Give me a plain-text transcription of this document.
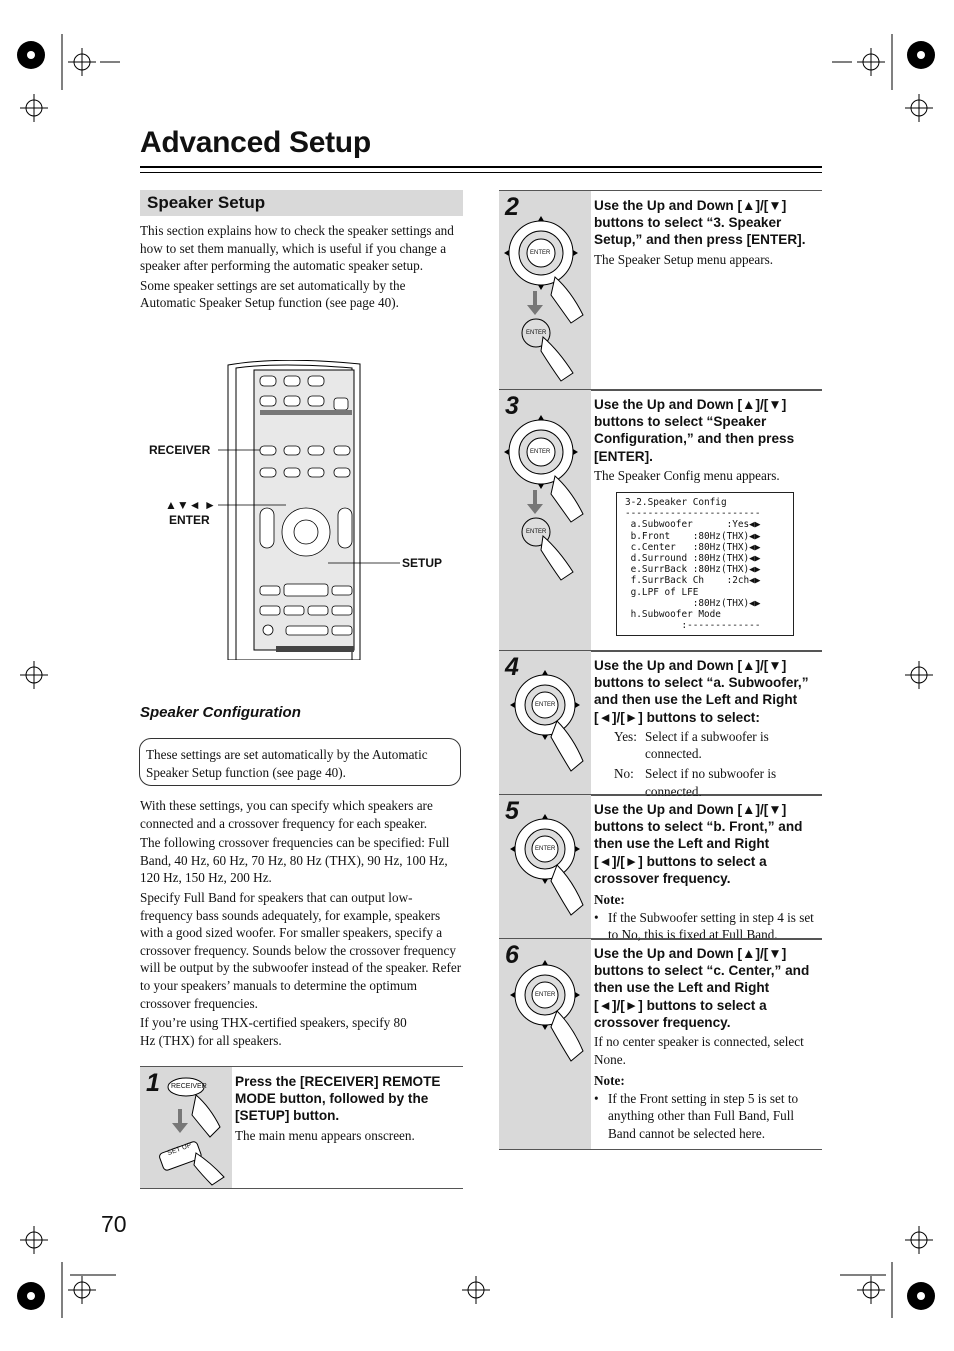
Advanced Setup
Speaker Setup

This section explains how to check the speaker settings and how to set them manually, which is useful if you change a speaker after performing the automatic speaker setup.

Some speaker settings are set automatically by the Automatic Speaker Setup function (see page 40).

RECEIVER
▲▼◄ ►
ENTER
SETUP
Speaker Configuration
These settings are set automatically by the Automatic Speaker Setup function (see page 40).

With these settings, you can specify which speakers are connected and a crossover frequency for each speaker.

The following crossover frequencies can be specified: Full Band, 40 Hz, 60 Hz, 70 Hz, 80 Hz (THX), 90 Hz, 100 Hz, 120 Hz, 150 Hz, 200 Hz.

Specify Full Band for speakers that can output low-frequency bass sounds adequately, for example, speakers with a good sized woofer. For smaller speakers, specify a crossover frequency. Sounds below the crossover frequency will be output by the subwoofer instead of the speaker. Refer to your speakers’ manuals to determine the optimum crossover frequencies.

If you’re using THX-certified speakers, specify 80 Hz (THX) for all speakers.

RECEIVER
SET UP
1	Press the [RECEIVER] REMOTE MODE button, followed by the [SETUP] button.
The main menu appears onscreen.
ENTER
ENTER
2	Use the Up and Down [▲]/[▼] buttons to select “3. Speaker Setup,” and then press [ENTER].
The Speaker Setup menu appears.
ENTER
ENTER
3	Use the Up and Down [▲]/[▼] buttons to select “Speaker Configuration,” and then press [ENTER].
The Speaker Config menu appears.
3-2.Speaker Config
------------------------
a.Subwoofer      :Yes◀▶
b.Front    :80Hz(THX)◀▶
c.Center   :80Hz(THX)◀▶
d.Surround :80Hz(THX)◀▶
e.SurrBack :80Hz(THX)◀▶
f.SurrBack Ch    :2ch◀▶
g.LPF of LFE
:80Hz(THX)◀▶
h.Subwoofer Mode
:-------------
ENTER
4	Use the Up and Down [▲]/[▼] buttons to select “a. Subwoofer,” and then use the Left and Right [◄]/[►] buttons to select:
Yes: Select if a subwoofer is connected.
No: Select if no subwoofer is connected.
ENTER
5	Use the Up and Down [▲]/[▼] buttons to select “b. Front,” and then use the Left and Right [◄]/[►] buttons to select a crossover frequency.
Note:
• If the Subwoofer setting in step 4 is set to No, this is fixed at Full Band.
ENTER
6	Use the Up and Down [▲]/[▼] buttons to select “c. Center,” and then use the Left and Right [◄]/[►] buttons to select a crossover frequency.
If no center speaker is connected, select None.
Note:
• If the Front setting in step 5 is set to anything other than Full Band, Full Band cannot be selected here.
70
